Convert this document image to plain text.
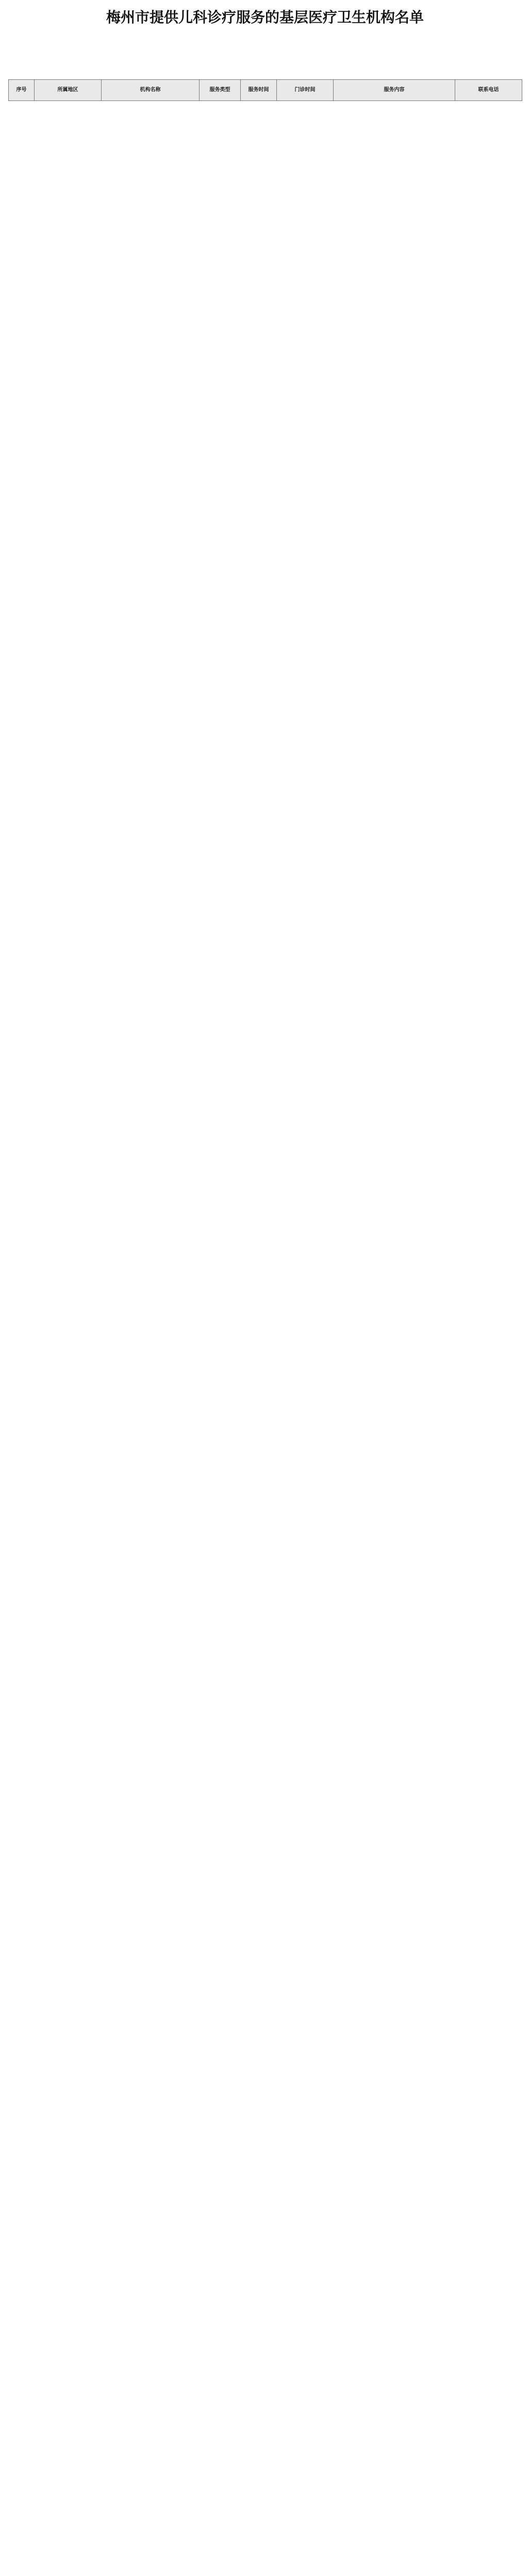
梅州市提供儿科诊疗服务的基层医疗卫生机构名单
序号	所属地区	机构名称	服务类型	服务时间	门诊时间	服务内容	联系电话
